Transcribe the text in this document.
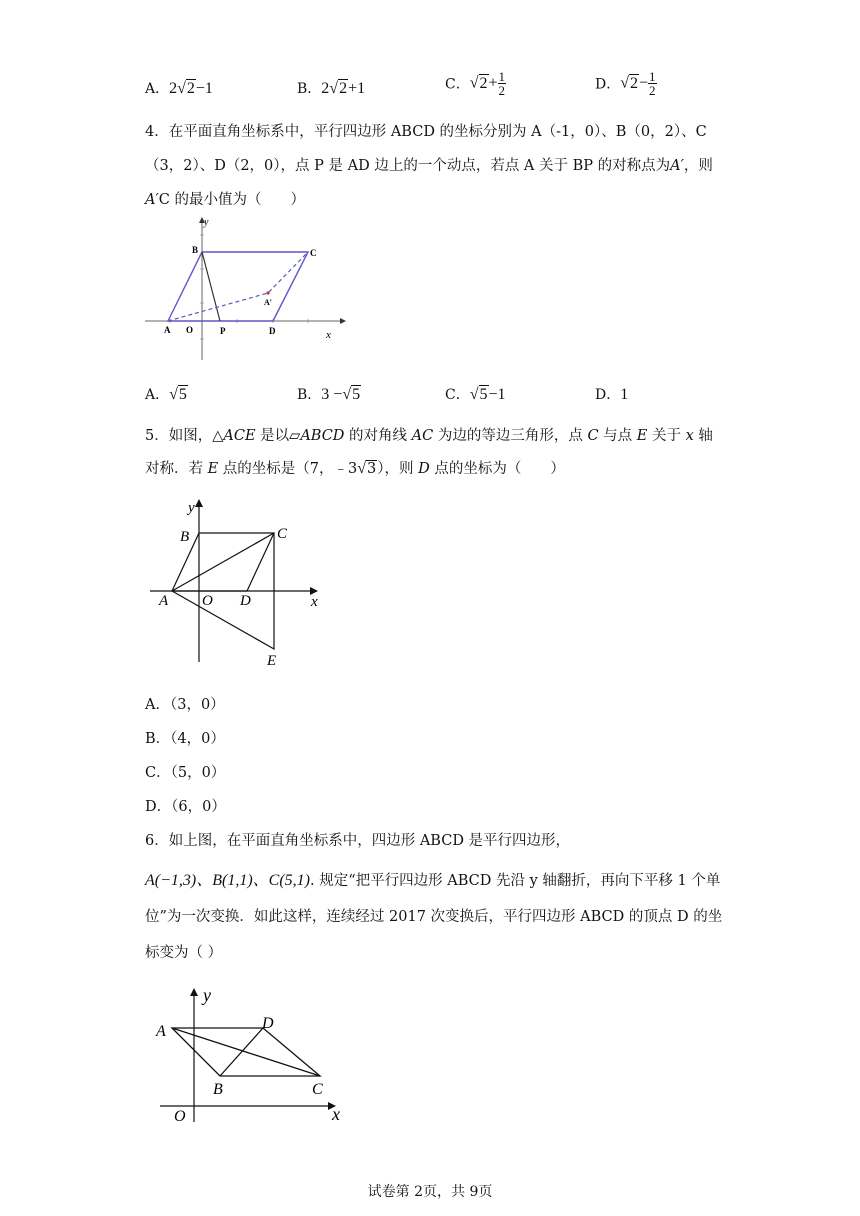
A．2√2−1	B．2√2+1	C．$√2+ \frac{1}{2}$	D．$√2- \frac{1}{2}$
4．在平面直角坐标系中，平行四边形 ABCD 的坐标分别为 A（-1，0）、B（0，2）、C
（3，2）、D（2，0），点 P 是 AD 边上的一个动点，若点 A 关于 BP 的对称点为A′，则
A′C 的最小值为（　　）
y
x
B	C
A O	P	D
A′
A．√5	B．3 −√5	C．√5−1	D．1
5．如图，△ACE 是以▱ABCD 的对角线 AC 为边的等边三角形，点 C 与点 E 关于 x 轴
对称．若 E 点的坐标是（7，﹣3√3），则 D 点的坐标为（　　）
y
x
B	C
A O D
E
A．（3，0）
B．（4，0）
C．（5，0）
D．（6，0）
6．如上图，在平面直角坐标系中，四边形 ABCD 是平行四边形，
A(−1,3)、B(1,1)、C(5,1). 规定“把平行四边形 ABCD 先沿 y 轴翻折，再向下平移 1 个单
位”为一次变换．如此这样，连续经过 2017 次变换后，平行四边形 ABCD 的顶点 D 的坐
标变为（ ）
y
x
A	D
B	C
O
试卷第 2页，共 9页
